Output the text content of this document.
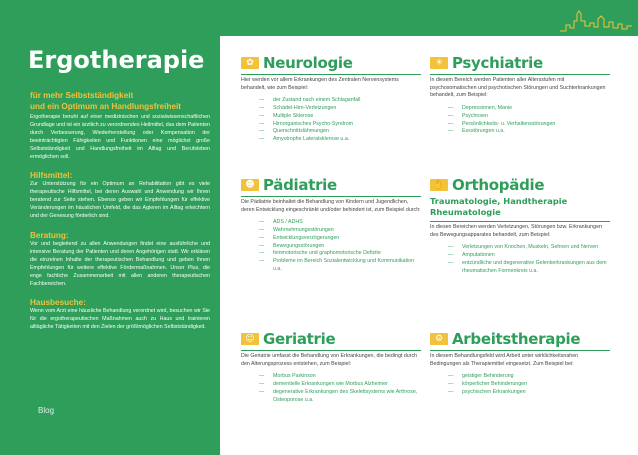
Ergotherapie
für mehr Selbstständigkeit
und ein Optimum an Handlungsfreiheit
Ergotherapie beruht auf einer medizinischen und sozialwissenschaftlichen Grundlage und ist ein ärztlich zu verordnendes Heilmittel, das dem Patienten durch Verbesserung, Wiederherstellung oder Kompensation der beeinträchtigten Fähigkeiten und Funktionen eine möglichst große Selbstständigkeit und Handlungsfreiheit im Alltag und Berufsleben ermöglichen soll.
Hilfsmittel:
Zur Unterstützung für ein Optimum an Rehabilitation gibt es viele therapeutische Hilfsmittel, bei deren Auswahl und Anwendung wir Ihnen beratend zur Seite stehen. Ebenso geben wir Empfehlungen für effektive Veränderungen im häuslichen Umfeld, die das Agieren im Alltag erleichtern und der Genesung förderlich sind.
Beratung:
Vor und begleitend zu allen Anwendungen findet eine ausführliche und intensive Beratung der Patienten und deren Angehörigen statt. Wir erklären die einzelnen Inhalte der therapeutischen Behandlung und geben Ihnen Empfehlungen für weitere effektive Fördermaßnahmen. Unser Plus, die enge fachliche Zusammenarbeit mit allen anderen therapeutischen Fachbereichen.
Hausbesuche:
Wenn vom Arzt eine häusliche Behandlung verordnet wird, besuchen wir Sie für die ergotherapeutischen Maßnahmen auch zu Haus und trainieren alltägliche Tätigkeiten mit den Zielen der größtmöglichen Selbstständigkeit.
Blog
✿ Neurologie
Hier werden vor allem Erkrankungen des Zentralen Nervensystems behandelt, wie zum Beispiel:
— der Zustand nach einem Schlaganfall
— Schädel-Hirn-Verletzungen
— Multiple Sklerose
— Hirnorganisches Psycho-Syndrom
— Querschnittslähmungen
— Amyotrophe Lateralsklerose u.a.
☀ Psychiatrie
In diesem Bereich werden Patienten aller Altersstufen mit psychosomatischen und psychotischen Störungen und Suchterkrankungen behandelt, zum Beispiel:
— Depressionen, Manie
— Psychosen
— Persönlichkeits- u. Verhaltensstörungen
— Essstörungen u.a.
☻ Pädiatrie
Die Pädiatrie beinhaltet die Behandlung von Kindern und Jugendlichen, deren Entwicklung eingeschränkt und/oder behindert ist, zum Beispiel durch:
— ADS / ADHS
— Wahrnehmungsstörungen
— Entwicklungsverzögerungen
— Bewegungsstörungen
— feinmotorische und graphomotorische Defizite
— Probleme im Bereich Sozialentwicklung und Kommunikation u.a.
✋ Orthopädie
Traumatologie, Handtherapie
Rheumatologie
In diesen Bereichen werden Verletzungen, Störungen bzw. Erkrankungen des Bewegungsapparates behandelt, zum Beispiel:
— Verletzungen von Knochen, Muskeln, Sehnen und Nerven
— Amputationen
— entzündliche und degenerative Gelenkerkrankungen aus dem rheumatischen Formenkreis u.a.
☺ Geriatrie
Die Geriatrie umfasst die Behandlung von Erkrankungen, die bedingt durch den Alterungsprozess entstehen, zum Beispiel:
— Morbus Parkinson
— dementielle Erkrankungen wie Morbus Alzheimer
— degenerative Erkrankungen des Skelettsystems wie Arthrose, Osteoporose u.a.
⚙ Arbeitstherapie
In diesem Behandlungsfeld wird Arbeit unter wirklichkeitsnahen Bedingungen als Therapiemittel eingesetzt. Zum Beispiel bei:
— geistiger Behinderung
— körperlicher Behinderungen
— psychischen Erkrankungen
